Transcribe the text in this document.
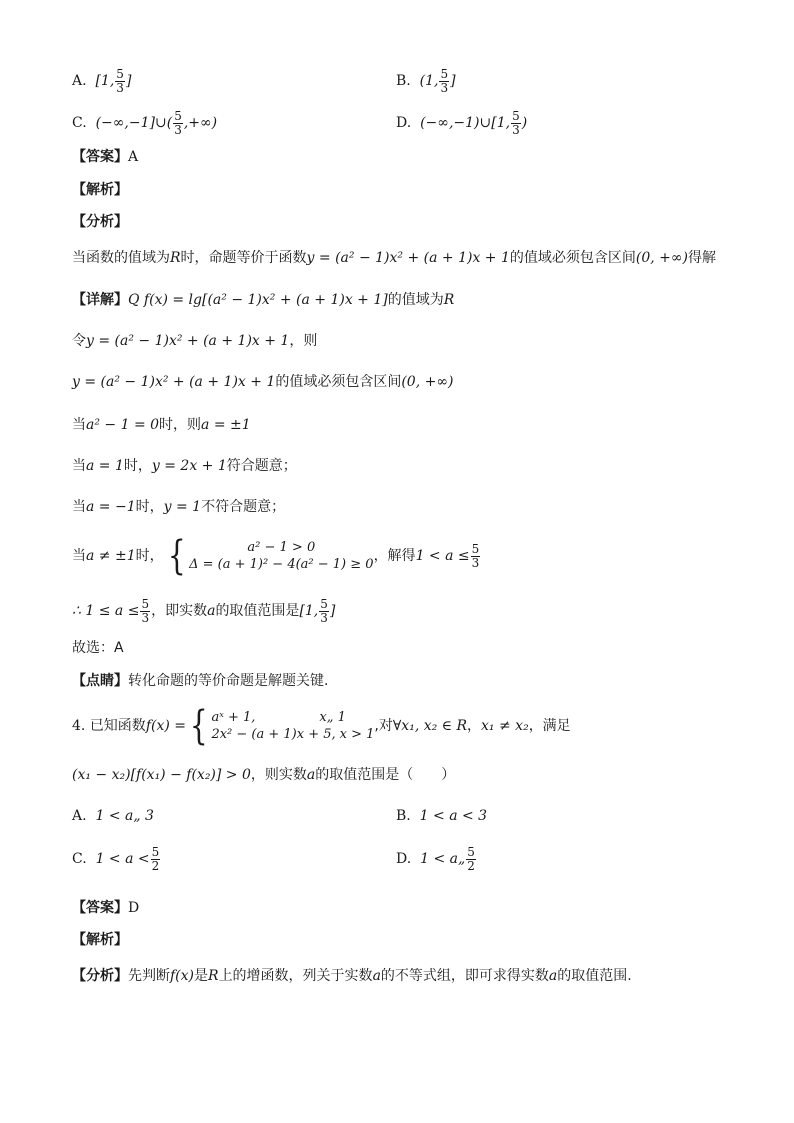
A.
[1, $\frac{5}{3}$ ]	B.
(1, $\frac{5}{3}$ ]
C.
(−∞,−1]∪( $\frac{5}{3}$ ,+∞)	D.
(−∞,−1)∪[1, $\frac{5}{3}$ )
【答案】 A
【解析】
【分析】
当函数的值域为 R 时，命题等价于函数 y = (a² − 1)x² + (a + 1)x + 1 的值域必须包含区间 (0, +∞) 得解
【详解】 Q f(x) = lg[(a² − 1)x² + (a + 1)x + 1] 的值域为 R
令 y = (a² − 1)x² + (a + 1)x + 1 ，则
y = (a² − 1)x² + (a + 1)x + 1 的值域必须包含区间 (0, +∞)
当 a² − 1 = 0 时，则 a = ±1
当 a = 1 时， y = 2x + 1 符合题意；
当 a = −1 时， y = 1 不符合题意；
当 a ≠ ±1 时， {	a² − 1 > 0
Δ = (a + 1)² − 4(a² − 1) ≥ 0
，解得 $1 < a \le \frac{5}{3}$
∴ $1 \le a \le \frac{5}{3}$ ，即实数 a 的取值范围是 [1, $\frac{5}{3}$ ]
故选：A
【点睛】 转化命题的等价命题是解题关键.
4.
已知函数 f(x) = { aˣ + 1,	x„ 1
2x² − (a + 1)x + 5, x > 1
,对 ∀x₁, x₂ ∈ R ， x₁ ≠ x₂ ，满足
(x₁ − x₂)[f(x₁) − f(x₂)] > 0 ，则实数 a 的取值范围是（　　）
A.
1 < a„ 3	B.
1 < a < 3
C.
$1 < a < \frac{5}{2}$	D.
1 < a„ $\frac{5}{2}$
【答案】 D
【解析】
【分析】 先判断 f(x) 是 R 上的增函数，列关于实数 a 的不等式组，即可求得实数 a 的取值范围.
